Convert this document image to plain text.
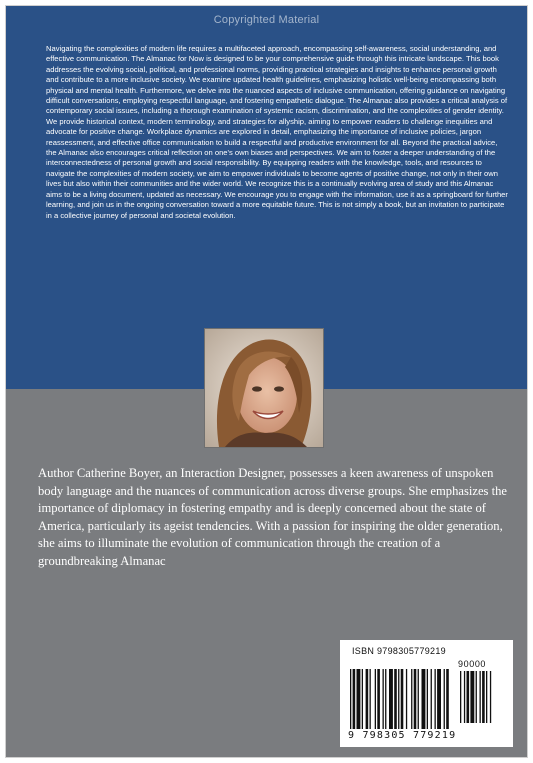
Copyrighted Material

Navigating the complexities of modern life requires a multifaceted approach, encompassing self-awareness, social understanding, and effective communication. The Almanac for Now is designed to be your comprehensive guide through this intricate landscape. This book addresses the evolving social, political, and professional norms, providing practical strategies and insights to enhance personal growth and contribute to a more inclusive society. We examine updated health guidelines, emphasizing holistic well-being encompassing both physical and mental health. Furthermore, we delve into the nuanced aspects of inclusive communication, offering guidance on navigating difficult conversations, employing respectful language, and fostering empathetic dialogue. The Almanac also provides a critical analysis of contemporary social issues, including a thorough examination of systemic racism, discrimination, and the complexities of gender identity. We provide historical context, modern terminology, and strategies for allyship, aiming to empower readers to challenge inequities and advocate for positive change. Workplace dynamics are explored in detail, emphasizing the importance of inclusive policies, jargon reassessment, and effective office communication to build a respectful and productive environment for all. Beyond the practical advice, the Almanac also encourages critical reflection on one's own biases and perspectives. We aim to foster a deeper understanding of the interconnectedness of personal growth and social responsibility. By equipping readers with the knowledge, tools, and resources to navigate the complexities of modern society, we aim to empower individuals to become agents of positive change, not only in their own lives but also within their communities and the wider world. We recognize this is a continually evolving area of study and this Almanac aims to be a living document, updated as necessary. We encourage you to engage with the information, use it as a springboard for further learning, and join us in the ongoing conversation toward a more equitable future. This is not simply a book, but an invitation to participate in a collective journey of personal and societal evolution.

Author Catherine Boyer, an Interaction Designer, possesses a keen awareness of unspoken body language and the nuances of communication across diverse groups. She emphasizes the importance of diplomacy in fostering empathy and is deeply concerned about the state of America, particularly its ageist tendencies. With a passion for inspiring the older generation, she aims to illuminate the evolution of communication through the creation of a groundbreaking Almanac

ISBN 9798305779219
90000
9 798305 779219
